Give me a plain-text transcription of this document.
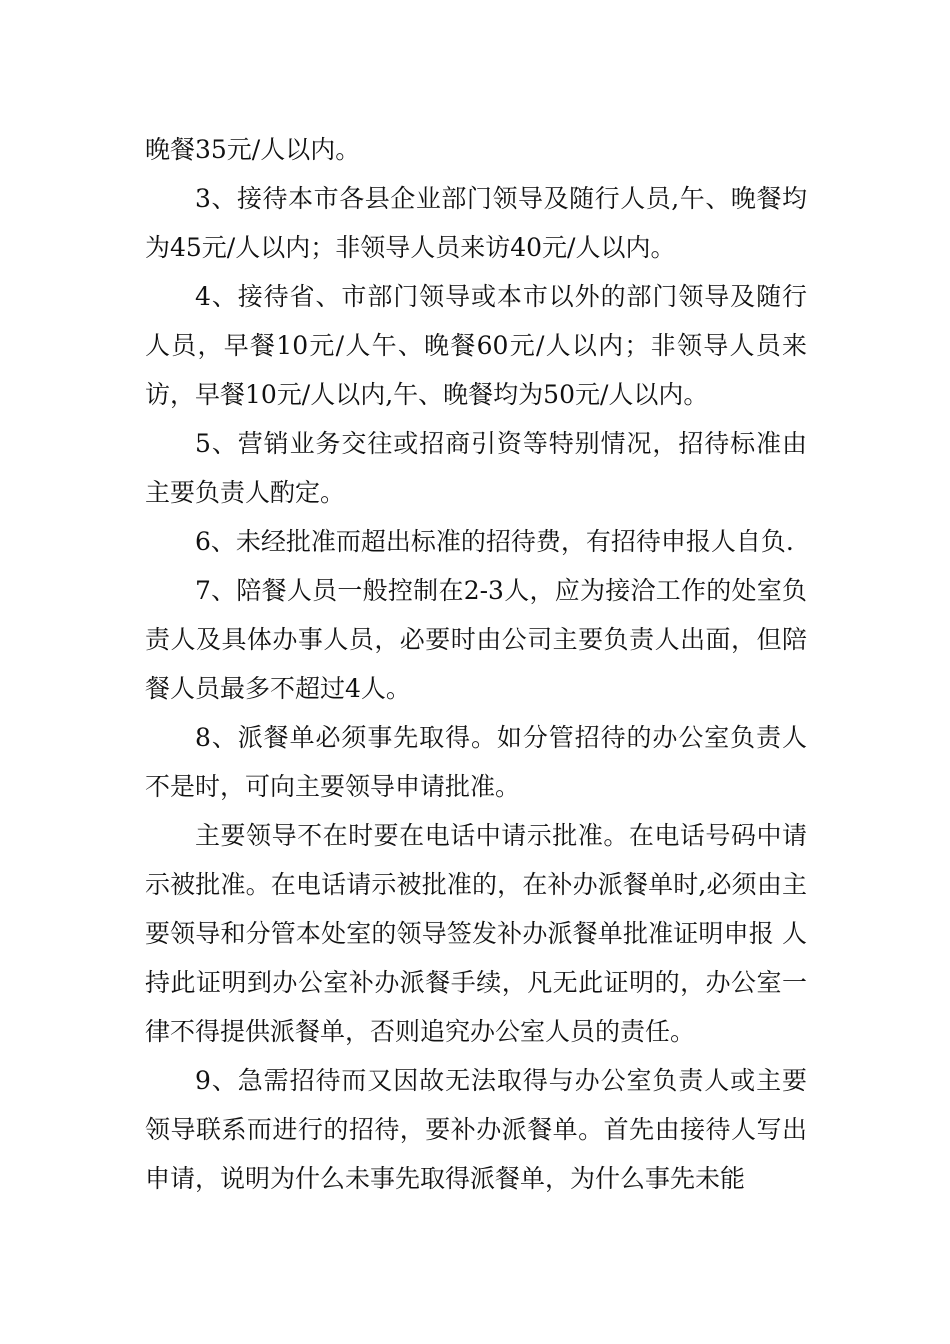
晚餐35元/人以内。

3、接待本市各县企业部门领导及随行人员,午、晚餐均为45元/人以内；非领导人员来访40元/人以内。

4、接待省、市部门领导或本市以外的部门领导及随行人员，早餐10元/人午、晚餐60元/人以内；非领导人员来访，早餐10元/人以内,午、晚餐均为50元/人以内。

5、营销业务交往或招商引资等特别情况，招待标准由主要负责人酌定。

6、未经批准而超出标准的招待费，有招待申报人自负.

7、陪餐人员一般控制在2-3人，应为接洽工作的处室负责人及具体办事人员，必要时由公司主要负责人出面，但陪餐人员最多不超过4人。

8、派餐单必须事先取得。如分管招待的办公室负责人不是时，可向主要领导申请批准。

主要领导不在时要在电话中请示批准。在电话号码中请示被批准。在电话请示被批准的，在补办派餐单时,必须由主要领导和分管本处室的领导签发补办派餐单批准证明申报 人持此证明到办公室补办派餐手续，凡无此证明的，办公室一律不得提供派餐单，否则追究办公室人员的责任。

9、急需招待而又因故无法取得与办公室负责人或主要领导联系而进行的招待，要补办派餐单。首先由接待人写出申请，说明为什么未事先取得派餐单，为什么事先未能
